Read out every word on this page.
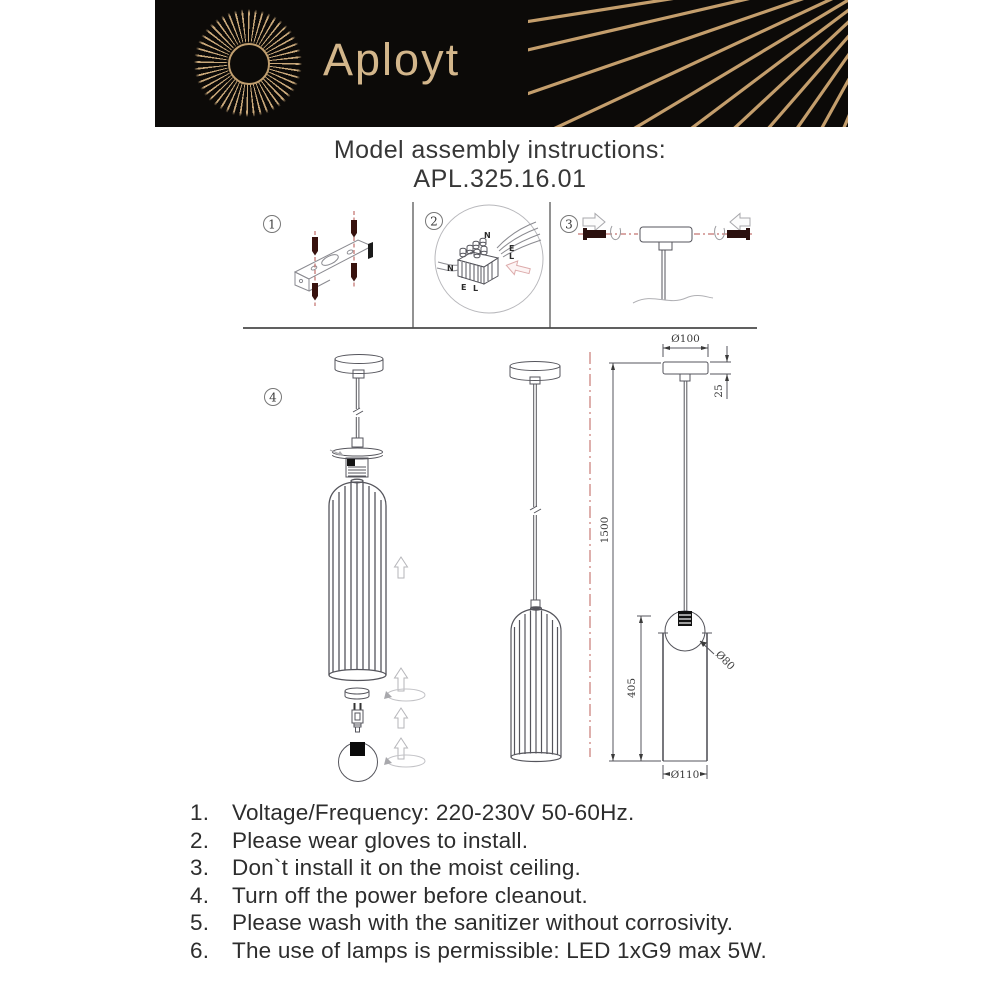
Aployt
Model assembly instructions:
APL.325.16.01
1	2
N
E
L
N
E L
3
4
Ø100
25
1500
405
Ø80
Ø110
1.	Voltage/Frequency: 220-230V 50-60Hz.
2.	Please wear gloves to install.
3.	Don`t install it on the moist ceiling.
4.	Turn off the power before cleanout.
5.	Please wash with the sanitizer without corrosivity.
6.	The use of lamps is permissible: LED 1xG9 max 5W.
